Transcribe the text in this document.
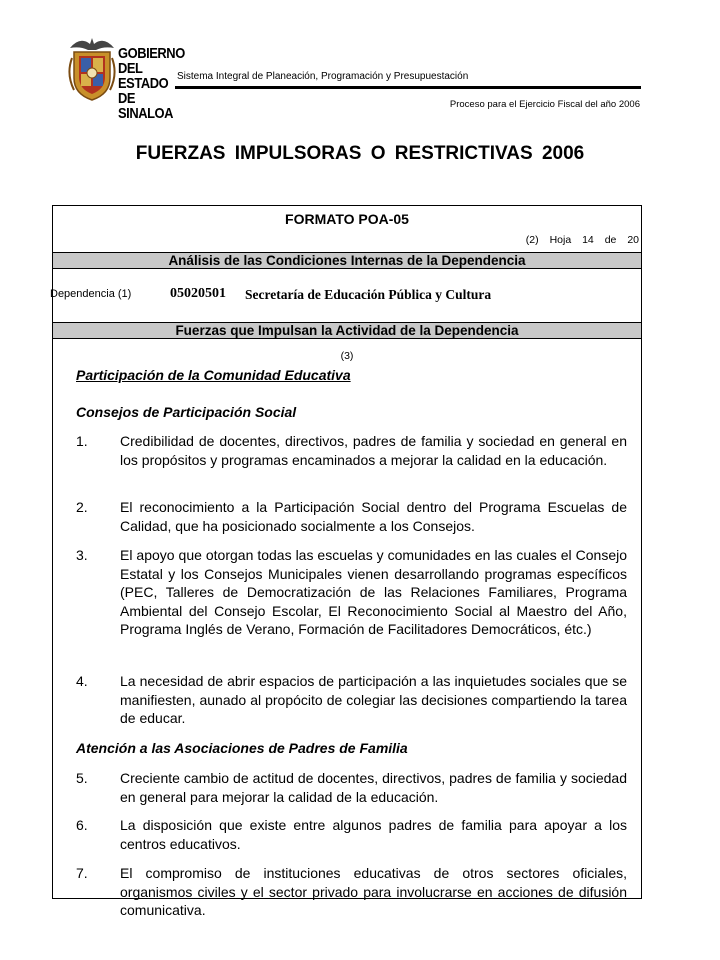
GOBIERNO
DEL ESTADO
DE SINALOA
Sistema Integral de Planeación, Programación y Presupuestación
Proceso para el Ejercicio Fiscal del año 2006
FUERZAS IMPULSORAS O RESTRICTIVAS 2006
FORMATO POA-05
(2) Hoja 14 de 20
Análisis de las Condiciones Internas de la Dependencia
Dependencia (1)	05020501 Secretaría de Educación Pública y Cultura
Fuerzas que Impulsan la Actividad de la Dependencia
(3)
Participación de la Comunidad Educativa
Consejos de Participación Social
1.	Credibilidad de docentes, directivos, padres de familia y sociedad en general en los propósitos y programas encaminados a mejorar la calidad en la educación.
2.	El reconocimiento a la Participación Social dentro del Programa Escuelas de Calidad, que ha posicionado socialmente a los Consejos.
3.	El apoyo que otorgan todas las escuelas y comunidades en las cuales el Consejo Estatal y los Consejos Municipales vienen desarrollando programas específicos (PEC, Talleres de Democratización de las Relaciones Familiares, Programa Ambiental del Consejo Escolar, El Reconocimiento Social al Maestro del Año, Programa Inglés de Verano, Formación de Facilitadores Democráticos, étc.)
4.	La necesidad de abrir espacios de participación a las inquietudes sociales que se manifiesten, aunado al propócito de colegiar las decisiones compartiendo la tarea de educar.
Atención a las Asociaciones de Padres de Familia
5.	Creciente cambio de actitud de docentes, directivos, padres de familia y sociedad en general para mejorar la calidad de la educación.
6.	La disposición que existe entre algunos padres de familia para apoyar a los centros educativos.
7.	El compromiso de instituciones educativas de otros sectores oficiales, organismos civiles y el sector privado para involucrarse en acciones de difusión comunicativa.
